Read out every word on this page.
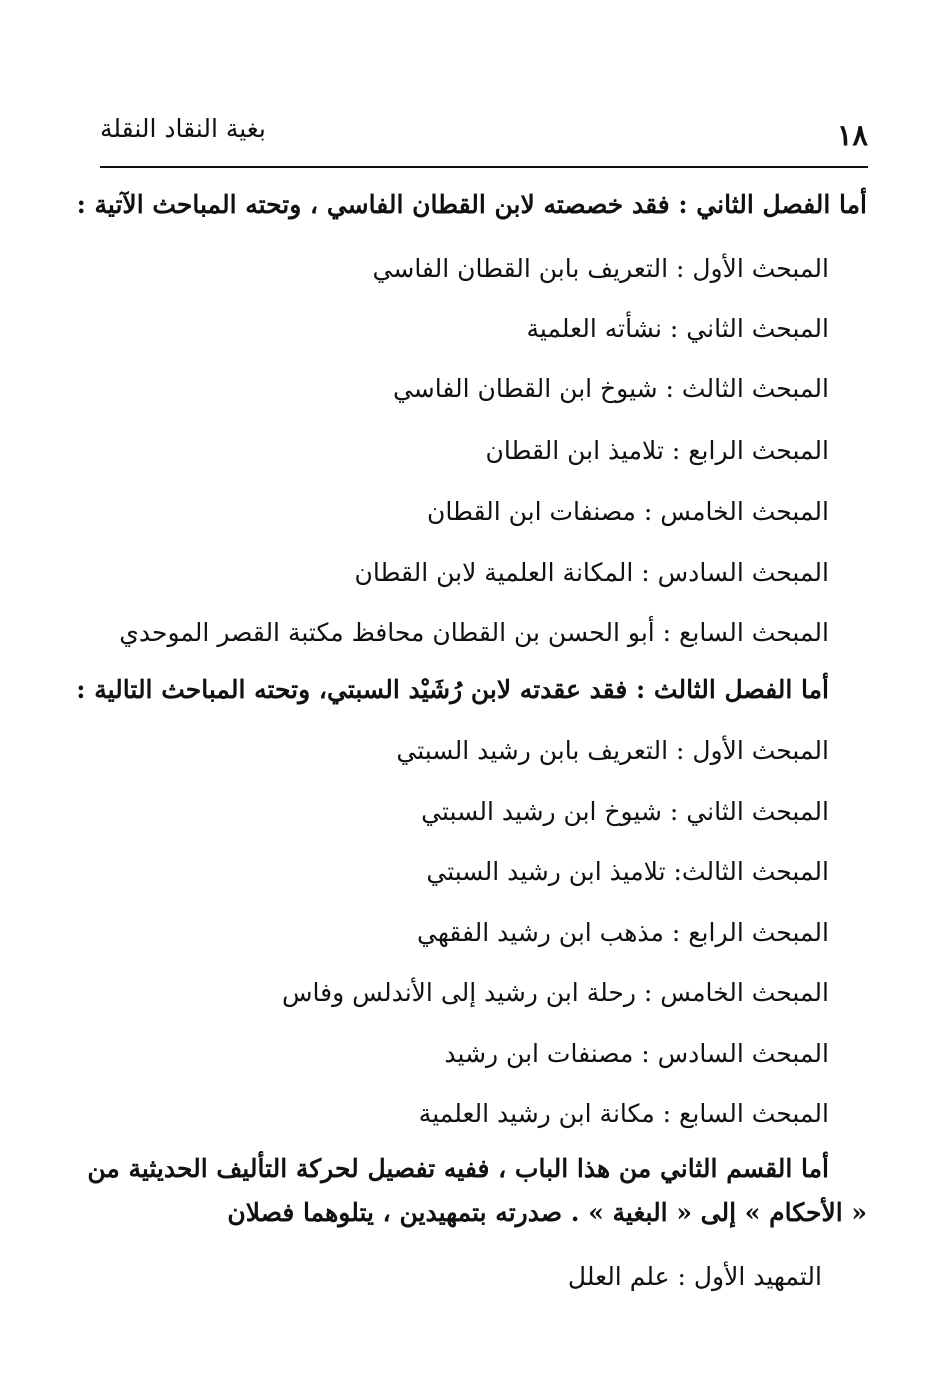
١٨
بغية النقاد النقلة
أما الفصل الثاني : فقد خصصته لابن القطان الفاسي ، وتحته المباحث الآتية :
المبحث الأول : التعريف بابن القطان الفاسي
المبحث الثاني : نشأته العلمية
المبحث الثالث : شيوخ ابن القطان الفاسي
المبحث الرابع : تلاميذ ابن القطان
المبحث الخامس : مصنفات ابن القطان
المبحث السادس : المكانة العلمية لابن القطان
المبحث السابع : أبو الحسن بن القطان محافظ مكتبة القصر الموحدي
أما الفصل الثالث : فقد عقدته لابن رُشَيْد السبتي، وتحته المباحث التالية :
المبحث الأول : التعريف بابن رشيد السبتي
المبحث الثاني : شيوخ ابن رشيد السبتي
المبحث الثالث: تلاميذ ابن رشيد السبتي
المبحث الرابع : مذهب ابن رشيد الفقهي
المبحث الخامس : رحلة ابن رشيد إلى الأندلس وفاس
المبحث السادس : مصنفات ابن رشيد
المبحث السابع : مكانة ابن رشيد العلمية
أما القسم الثاني من هذا الباب ، ففيه تفصيل لحركة التأليف الحديثية من
« الأحكام » إلى « البغية » . صدرته بتمهيدين ، يتلوهما فصلان
التمهيد الأول : علم العلل
